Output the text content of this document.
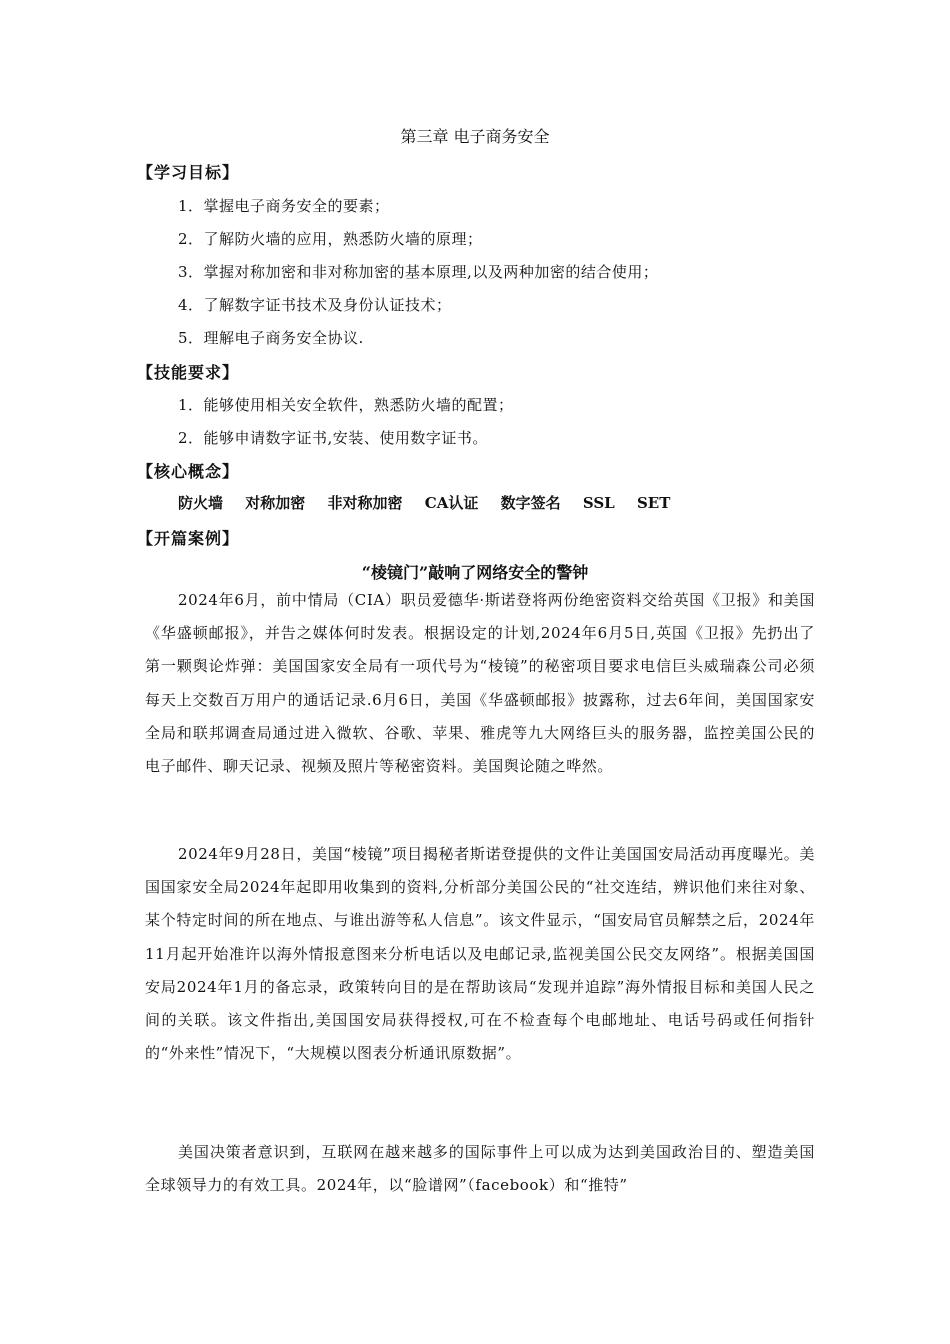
第三章 电子商务安全
【学习目标】
1．掌握电子商务安全的要素；
2．了解防火墙的应用，熟悉防火墙的原理；
3．掌握对称加密和非对称加密的基本原理,以及两种加密的结合使用；
4．了解数字证书技术及身份认证技术；
5．理解电子商务安全协议.
【技能要求】
1．能够使用相关安全软件，熟悉防火墙的配置；
2．能够申请数字证书,安装、使用数字证书。
【核心概念】
防火墙 对称加密 非对称加密 CA认证 数字签名 SSL SET
【开篇案例】
“棱镜门”敲响了网络安全的警钟

2024年6月，前中情局（CIA）职员爱德华·斯诺登将两份绝密资料交给英国《卫报》和美国《华盛顿邮报》，并告之媒体何时发表。根据设定的计划,2024年6月5日,英国《卫报》先扔出了第一颗舆论炸弹：美国国家安全局有一项代号为“棱镜”的秘密项目要求电信巨头威瑞森公司必须每天上交数百万用户的通话记录.6月6日，美国《华盛顿邮报》披露称，过去6年间，美国国家安全局和联邦调查局通过进入微软、谷歌、苹果、雅虎等九大网络巨头的服务器，监控美国公民的电子邮件、聊天记录、视频及照片等秘密资料。美国舆论随之哗然。

2024年9月28日，美国“棱镜”项目揭秘者斯诺登提供的文件让美国国安局活动再度曝光。美国国家安全局2024年起即用收集到的资料,分析部分美国公民的“社交连结，辨识他们来往对象、某个特定时间的所在地点、与谁出游等私人信息”。该文件显示，“国安局官员解禁之后，2024年11月起开始准许以海外情报意图来分析电话以及电邮记录,监视美国公民交友网络”。根据美国国安局2024年1月的备忘录，政策转向目的是在帮助该局“发现并追踪”海外情报目标和美国人民之间的关联。该文件指出,美国国安局获得授权,可在不检查每个电邮地址、电话号码或任何指针的“外来性”情况下，“大规模以图表分析通讯原数据”。

美国决策者意识到，互联网在越来越多的国际事件上可以成为达到美国政治目的、塑造美国全球领导力的有效工具。2024年，以“脸谱网”（facebook）和“推特”
